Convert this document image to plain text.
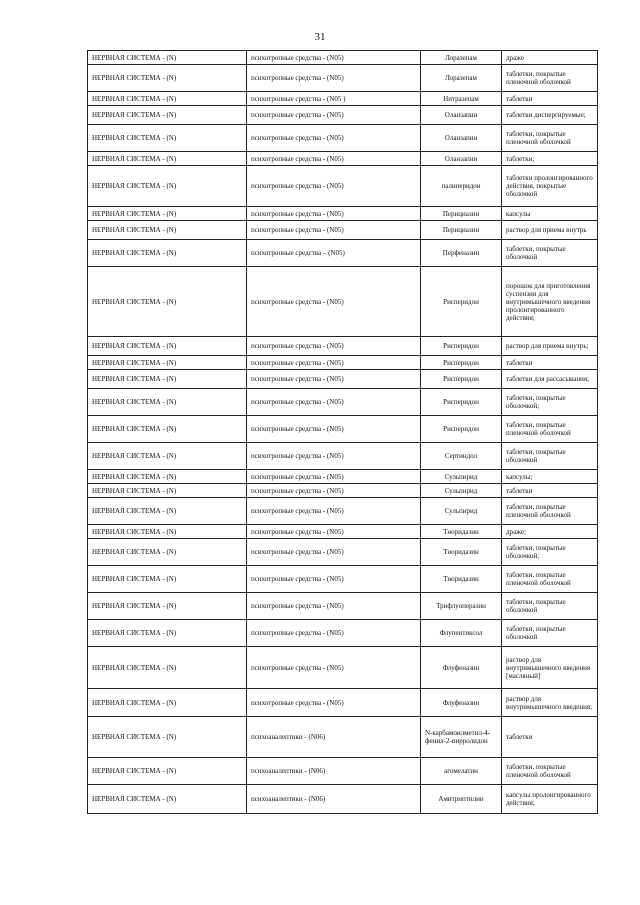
31
НЕРВНАЯ СИСТЕМА - (N)	психотропные средства - (N05)	Лоразепам	драже
НЕРВНАЯ СИСТЕМА - (N)	психотропные средства - (N05)	Лоразепам	таблетки, покрытые пленочной оболочкой
НЕРВНАЯ СИСТЕМА - (N)	психотропные средства - (N05 )	Нитразепам	таблетки
НЕРВНАЯ СИСТЕМА - (N)	психотропные средства - (N05)	Оланзапин	таблетки диспергируемые;
НЕРВНАЯ СИСТЕМА - (N)	психотропные средства - (N05)	Оланзапин	таблетки, покрытые пленочной оболочкой
НЕРВНАЯ СИСТЕМА - (N)	психотропные средства - (N05)	Оланзапин	таблетки;
НЕРВНАЯ СИСТЕМА - (N)	психотропные средства - (N05)	палиперидон	таблетки пролонгированного действия, покрытые оболочкой
НЕРВНАЯ СИСТЕМА - (N)	психотропные средства - (N05)	Перициазин	капсулы
НЕРВНАЯ СИСТЕМА - (N)	психотропные средства - (N05)	Перициазин	раствор для приема внутрь
НЕРВНАЯ СИСТЕМА - (N)	психотропные средства – (N05)	Перфеназин	таблетки, покрытые оболочкой
НЕРВНАЯ СИСТЕМА - (N)	психотропные средства - (N05)	Рисперидон	порошок для приготовления суспензии для внутримышечного введения пролонгированного действия;
НЕРВНАЯ СИСТЕМА - (N)	психотропные средства - (N05)	Рисперидон	раствор для приема внутрь;
НЕРВНАЯ СИСТЕМА - (N)	психотропные средства - (N05)	Рисперидон	таблетки
НЕРВНАЯ СИСТЕМА - (N)	психотропные средства - (N05)	Рисперидон	таблетки для рассасывания;
НЕРВНАЯ СИСТЕМА - (N)	психотропные средства - (N05)	Рисперидон	таблетки, покрытые оболочкой;
НЕРВНАЯ СИСТЕМА - (N)	психотропные средства - (N05)	Рисперидон	таблетки, покрытые пленочной оболочкой
НЕРВНАЯ СИСТЕМА - (N)	психотропные средства - (N05)	Сертиндол	таблетки, покрытые оболочкой
НЕРВНАЯ СИСТЕМА - (N)	психотропные средства - (N05)	Сульпирид	капсулы;
НЕРВНАЯ СИСТЕМА - (N)	психотропные средства - (N05)	Сульпирид	таблетки
НЕРВНАЯ СИСТЕМА - (N)	психотропные средства - (N05)	Сульпирид	таблетки, покрытые пленочной оболочкой
НЕРВНАЯ СИСТЕМА - (N)	психотропные средства - (N05)	Тиоридазин	драже;
НЕРВНАЯ СИСТЕМА - (N)	психотропные средства - (N05)	Тиоридазин	таблетки, покрытые оболочкой;
НЕРВНАЯ СИСТЕМА - (N)	психотропные средства - (N05)	Тиоридазин	таблетки, покрытые пленочной оболочкой
НЕРВНАЯ СИСТЕМА - (N)	психотропные средства - (N05)	Трифлуоперазин	таблетки, покрытые оболочкой
НЕРВНАЯ СИСТЕМА - (N)	психотропные средства - (N05)	Флупентиксол	таблетки, покрытые оболочкой
НЕРВНАЯ СИСТЕМА - (N)	психотропные средства - (N05)	Флуфеназин	раствор для внутримышечного введения [масляный]
НЕРВНАЯ СИСТЕМА - (N)	психотропные средства - (N05)	Флуфеназин	раствор для внутримышечного введения;
НЕРВНАЯ СИСТЕМА - (N)	психоаналептики - (N06)	N-карбамоилметил-4-фенил-2-пирролидон	таблетки
НЕРВНАЯ СИСТЕМА - (N)	психоаналептики - (N06)	агомелатин	таблетки, покрытые пленочной оболочкой
НЕРВНАЯ СИСТЕМА - (N)	психоаналептики - (N06)	Амитриптилин	капсулы пролонгированного действия;
